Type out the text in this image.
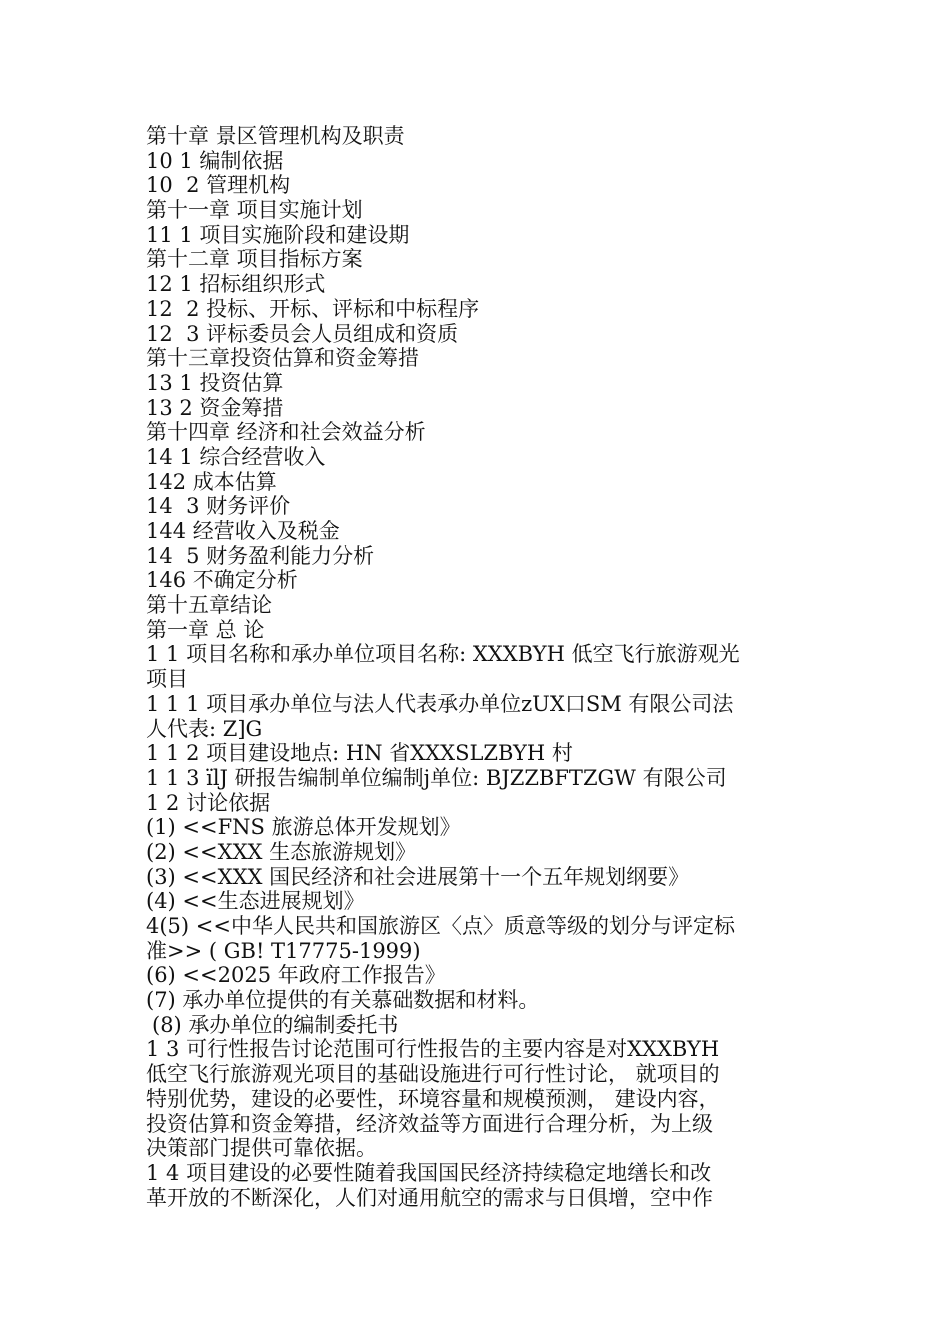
第十章 景区管理机构及职责
10 1 编制依据
10  2 管理机构
第十一章 项目实施计划
11 1 项目实施阶段和建设期
第十二章 项目指标方案
12 1 招标组织形式
12  2 投标、开标、评标和中标程序
12  3 评标委员会人员组成和资质
第十三章投资估算和资金筹措
13 1 投资估算
13 2 资金筹措
第十四章 经济和社会效益分析
14 1 综合经营收入
142 成本估算
14  3 财务评价
144 经营收入及税金
14  5 财务盈利能力分析
146 不确定分析
第十五章结论
第一章 总 论
1 1 项目名称和承办单位项目名称: XXXBYH 低空飞行旅游观光
项目
1 1 1 项目承办单位与法人代表承办单位zUX口SM 有限公司法
人代表: Z]G
1 1 2 项目建设地点: HN 省XXXSLZBYH 村
1 1 3 ïlJ 研报告编制单位编制j单位: BJZZBFTZGW 有限公司
1 2 讨论依据
(1) <<FNS 旅游总体开发规划》
(2) <<XXX 生态旅游规划》
(3) <<XXX 国民经济和社会进展第十一个五年规划纲要》
(4) <<生态进展规划》
4(5) <<中华人民共和国旅游区〈点〉质意等级的划分与评定标
准>> ( GB! T17775-1999)
(6) <<2025 年政府工作报告》
(7) 承办单位提供的有关慕础数据和材料。
(8) 承办单位的编制委托书
1 3 可行性报告讨论范围可行性报告的主要内容是对XXXBYH
低空飞行旅游观光项目的基础设施进行可行性讨论， 就项目的
特别优势，建设的必要性，环境容量和规模预测， 建设内容，
投资估算和资金筹措，经济效益等方面进行合理分析，为上级
决策部门提供可靠依据。
1 4 项目建设的必要性随着我国国民经济持续稳定地缮长和改
革开放的不断深化，人们对通用航空的需求与日俱增，空中作
